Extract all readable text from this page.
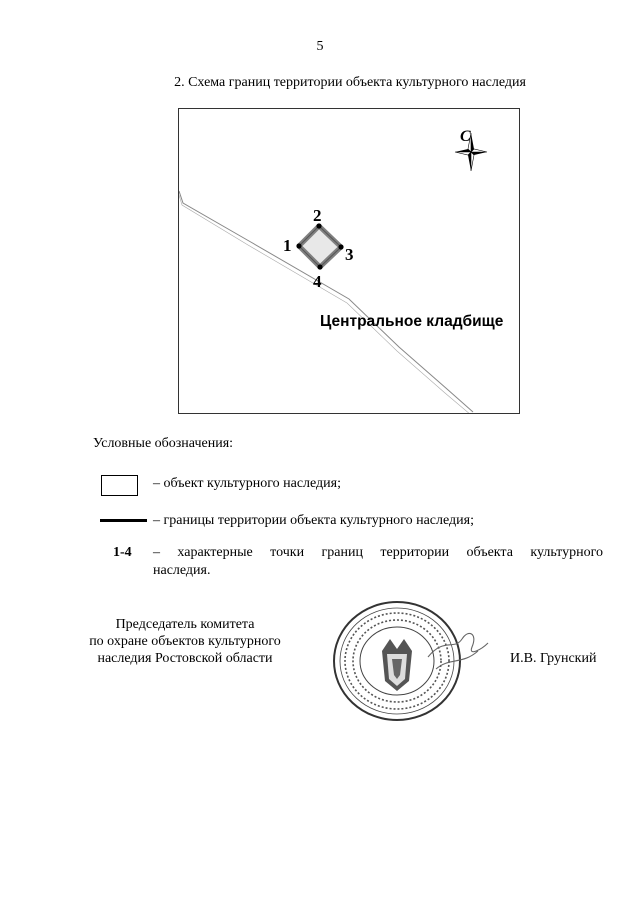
5
2. Схема границ территории объекта культурного наследия
1
2
3
4
Центральное кладбище
С
Условные обозначения:
– объект культурного наследия;
– границы территории объекта культурного наследия;
1-4 – характерные точки границ территории объекта культурного
наследия.
Председатель комитета
по охране объектов культурного
наследия Ростовской области	И.В. Грунский
